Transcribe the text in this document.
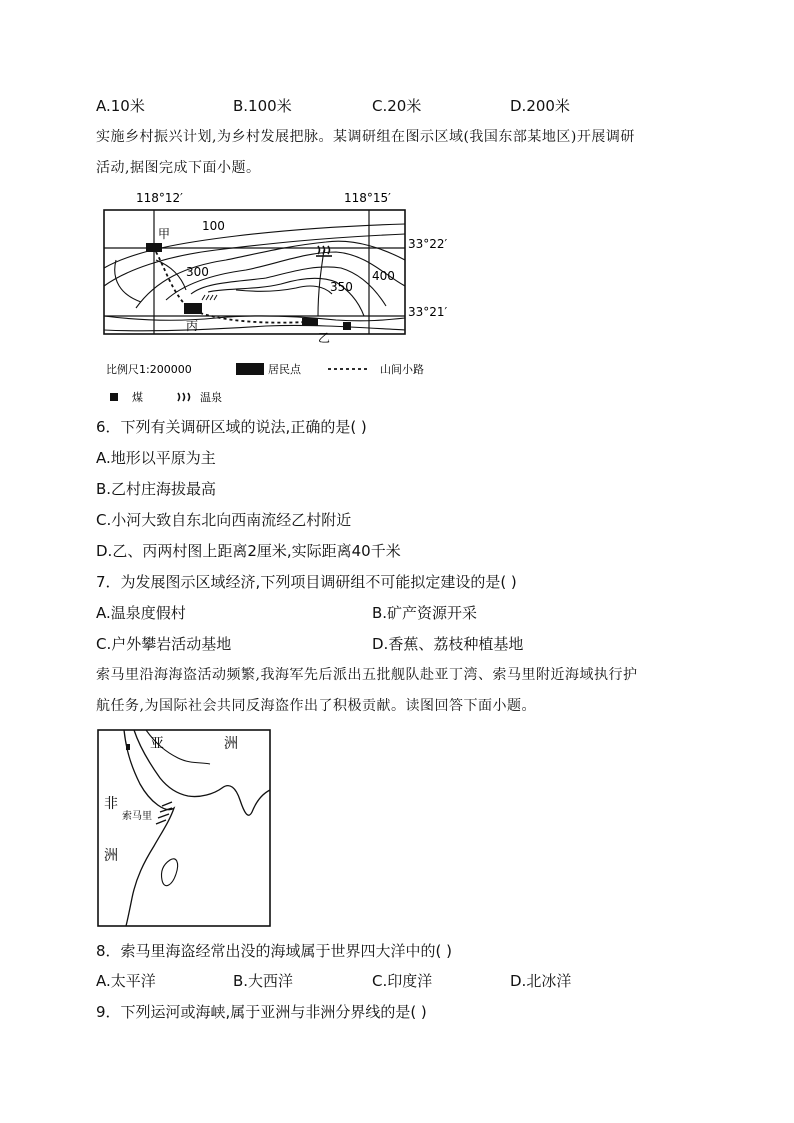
A.10米	B.100米	C.20米	D.200米
实施乡村振兴计划,为乡村发展把脉。某调研组在图示区域(我国东部某地区)开展调研
活动,据图完成下面小题。
118°12′	118°15′
33°22′
33°21′
100
300
350
400
甲
丙
乙
比例尺1:200000	居民点	山间小路
煤	温泉
6．下列有关调研区域的说法,正确的是( )
A.地形以平原为主
B.乙村庄海拔最高
C.小河大致自东北向西南流经乙村附近
D.乙、丙两村图上距离2厘米,实际距离40千米
7．为发展图示区域经济,下列项目调研组不可能拟定建设的是( )
A.温泉度假村	B.矿产资源开采
C.户外攀岩活动基地	D.香蕉、荔枝种植基地
索马里沿海海盗活动频繁,我海军先后派出五批舰队赴亚丁湾、索马里附近海域执行护
航任务,为国际社会共同反海盗作出了积极贡献。读图回答下面小题。
亚	洲
非
洲
索马里
8．索马里海盗经常出没的海域属于世界四大洋中的( )
A.太平洋	B.大西洋	C.印度洋	D.北冰洋
9．下列运河或海峡,属于亚洲与非洲分界线的是( )
